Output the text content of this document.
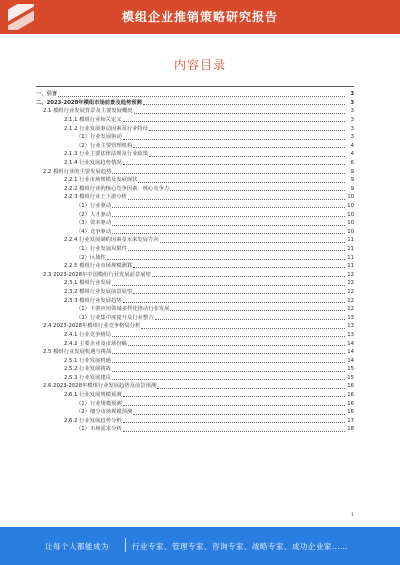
模组企业推销策略研究报告
内容目录
一、引言	3
二、2023-2028年模组市场前景及趋势预测	3
2.1 模组行业发展背景及主要发展概况	3
2.1.1 模组行业相关定义	3
2.1.2 行业发展驱动因素及行业特征	3
（1）行业发展驱动	3
（2）行业主要管理机构	4
2.1.3 行业主要法律法规及行业政策	4
2.1.4 行业发展趋势情况	6
2.2 模组行业的主要发展趋势	9
2.2.1 行业市场规模及发展现状	9
2.2.2 模组行业的核心竞争因素、核心竞争力	9
2.2.3 模组行业上下游分析	10
（1）行业驱动	10
（2）人才驱动	10
（3）资本驱动	10
（4）竞争驱动	10
2.2.4 行业发展制约因素及未来发展方向	11
（1）行业发展局限性	11
（2）区域性	11
2.2.5 模组行业市场规模测算	11
2.3 2023-2028年中国模组行业发展前景展望	12
2.3.1 模组行业发展	12
2.3.2 模组行业发展前景展望	12
2.3.3 模组行业发展趋势	12
（1）下游应用领域多样化推动行业发展	12
（2）行业集中度提升及行业整合	13
2.4 2023-2028年模组行业竞争格局分析	13
2.4.1 行业竞争格局	13
2.4.2 主要企业及市场份额	14
2.5 模组行业发展机遇与挑战	14
2.5.1 行业发展机遇	14
2.5.2 行业发展挑战	15
2.5.3 行业发展建议	15
2.6 2023-2028年模组行业发展趋势及前景预测	16
2.6.1 行业发展规模预测	16
（1）行业规模预测	16
（2）细分市场规模预测	16
2.6.2 行业发展趋势分析	17
（1）市场需求分析	18
1
让每个人都能成为	行业专家、管理专家、咨询专家、战略专家、成功企业家……
